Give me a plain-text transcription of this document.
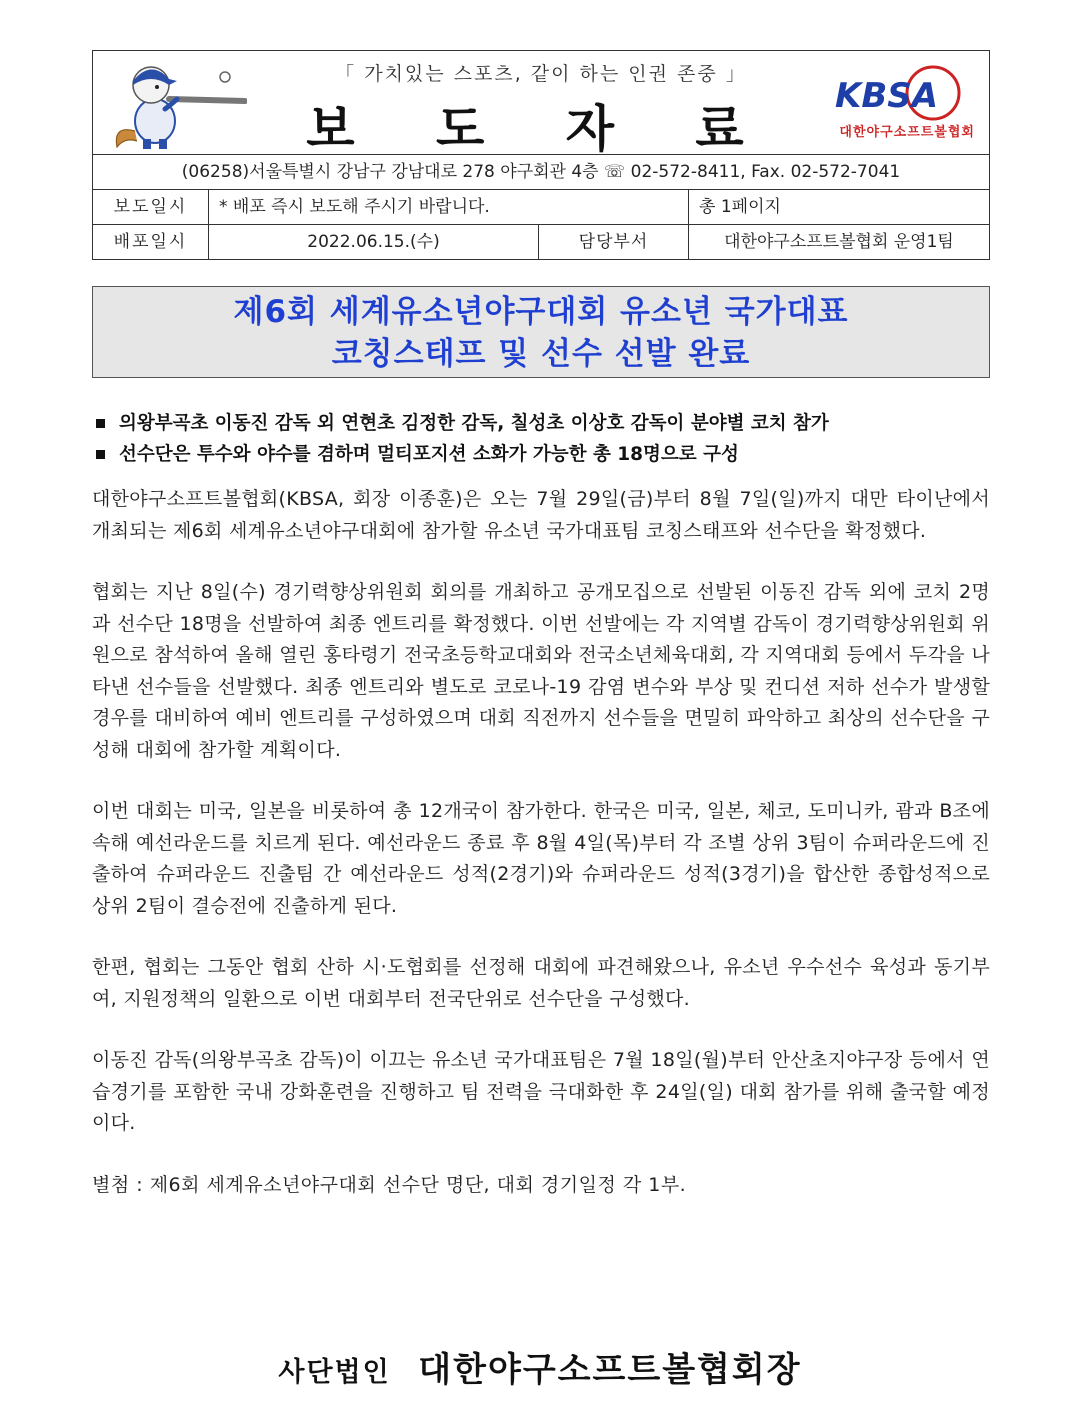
「 가치있는 스포츠, 같이 하는 인권 존중 」
보 도 자 료
KBSA
대한야구소프트볼협회
(06258)서울특별시 강남구 강남대로 278 야구회관 4층 ☏ 02-572-8411, Fax. 02-572-7041
보도일시	* 배포 즉시 보도해 주시기 바랍니다.	총 1페이지
배포일시	2022.06.15.(수)	담당부서	대한야구소프트볼협회 운영1팀
제6회 세계유소년야구대회 유소년 국가대표
코칭스태프 및 선수 선발 완료
의왕부곡초 이동진 감독 외 연현초 김정한 감독, 칠성초 이상호 감독이 분야별 코치 참가
선수단은 투수와 야수를 겸하며 멀티포지션 소화가 가능한 총 18명으로 구성
대한야구소프트볼협회(KBSA, 회장 이종훈)은 오는 7월 29일(금)부터 8월 7일(일)까지 대만 타이난에서 개최되는 제6회 세계유소년야구대회에 참가할 유소년 국가대표팀 코칭스태프와 선수단을 확정했다.
협회는 지난 8일(수) 경기력향상위원회 회의를 개최하고 공개모집으로 선발된 이동진 감독 외에 코치 2명과 선수단 18명을 선발하여 최종 엔트리를 확정했다. 이번 선발에는 각 지역별 감독이 경기력향상위원회 위원으로 참석하여 올해 열린 홍타령기 전국초등학교대회와 전국소년체육대회, 각 지역대회 등에서 두각을 나타낸 선수들을 선발했다. 최종 엔트리와 별도로 코로나-19 감염 변수와 부상 및 컨디션 저하 선수가 발생할 경우를 대비하여 예비 엔트리를 구성하였으며 대회 직전까지 선수들을 면밀히 파악하고 최상의 선수단을 구성해 대회에 참가할 계획이다.
이번 대회는 미국, 일본을 비롯하여 총 12개국이 참가한다. 한국은 미국, 일본, 체코, 도미니카, 괌과 B조에 속해 예선라운드를 치르게 된다. 예선라운드 종료 후 8월 4일(목)부터 각 조별 상위 3팀이 슈퍼라운드에 진출하여 슈퍼라운드 진출팀 간 예선라운드 성적(2경기)와 슈퍼라운드 성적(3경기)을 합산한 종합성적으로 상위 2팀이 결승전에 진출하게 된다.
한편, 협회는 그동안 협회 산하 시·도협회를 선정해 대회에 파견해왔으나, 유소년 우수선수 육성과 동기부여, 지원정책의 일환으로 이번 대회부터 전국단위로 선수단을 구성했다.
이동진 감독(의왕부곡초 감독)이 이끄는 유소년 국가대표팀은 7월 18일(월)부터 안산초지야구장 등에서 연습경기를 포함한 국내 강화훈련을 진행하고 팀 전력을 극대화한 후 24일(일) 대회 참가를 위해 출국할 예정이다.
별첨 : 제6회 세계유소년야구대회 선수단 명단, 대회 경기일정 각 1부.
사단법인 대한야구소프트볼협회장
